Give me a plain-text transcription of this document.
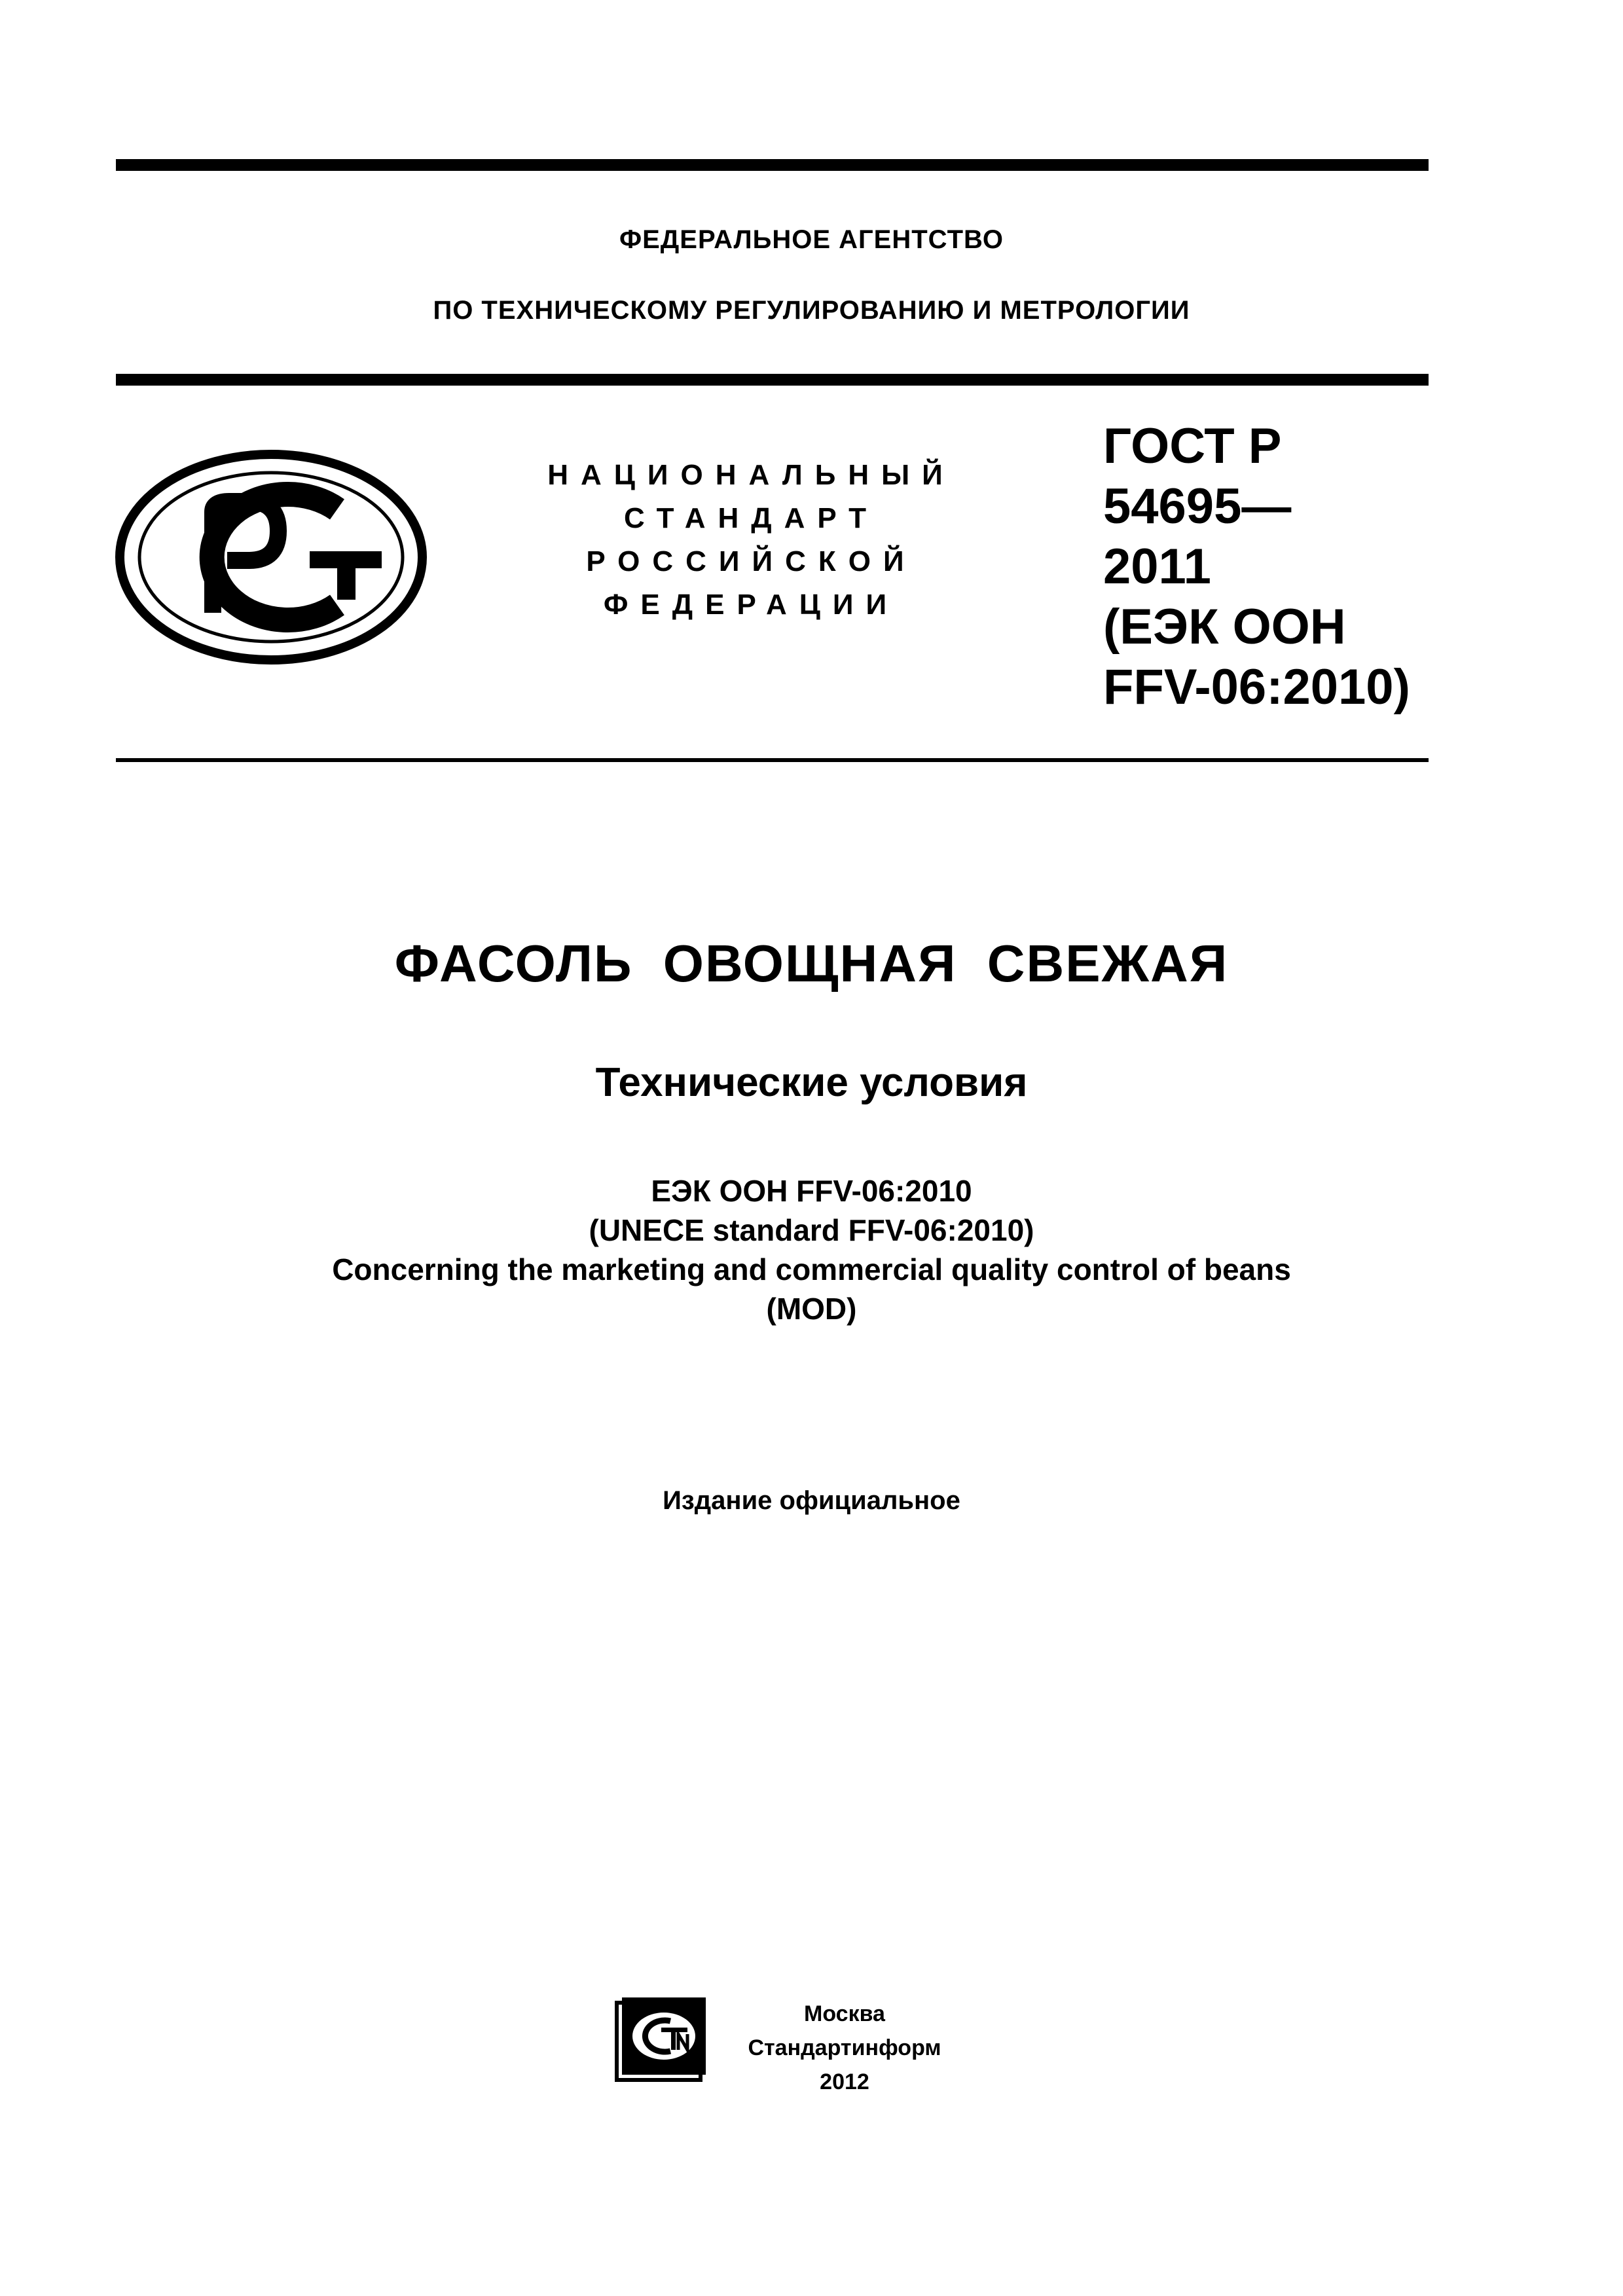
ФЕДЕРАЛЬНОЕ АГЕНТСТВО
ПО ТЕХНИЧЕСКОМУ РЕГУЛИРОВАНИЮ И МЕТРОЛОГИИ
НАЦИОНАЛЬНЫЙ
СТАНДАРТ
РОССИЙСКОЙ
ФЕДЕРАЦИИ
ГОСТ Р
54695—
2011
(ЕЭК ООН
FFV-06:2010)
ФАСОЛЬ ОВОЩНАЯ СВЕЖАЯ
Технические условия
ЕЭК ООН FFV-06:2010
(UNECE standard FFV-06:2010)
Concerning the marketing and commercial quality control of beans
(MOD)
Издание официальное
Москва
Стандартинформ
2012
